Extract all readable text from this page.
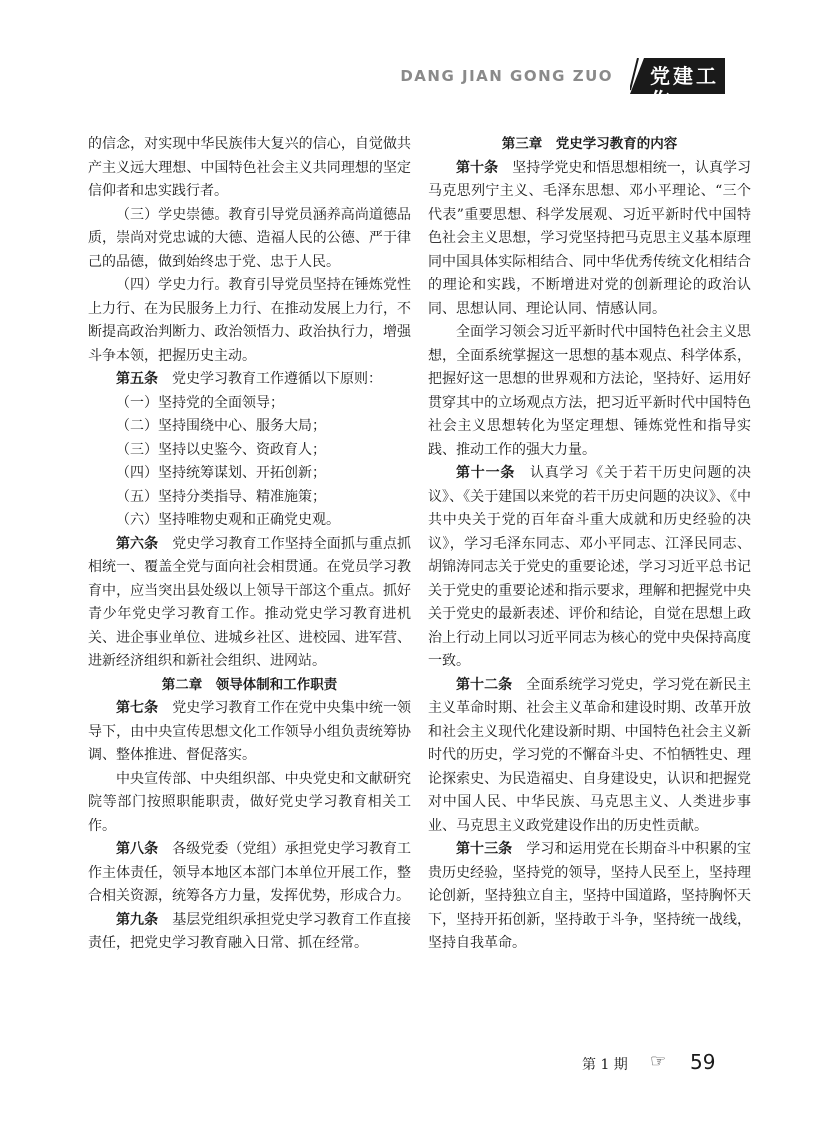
DANG JIAN GONG ZUO 党建工作

的信念，对实现中华民族伟大复兴的信心，自觉做共产主义远大理想、中国特色社会主义共同理想的坚定信仰者和忠实践行者。

（三）学史崇德。教育引导党员涵养高尚道德品质，崇尚对党忠诚的大德、造福人民的公德、严于律己的品德，做到始终忠于党、忠于人民。

（四）学史力行。教育引导党员坚持在锤炼党性上力行、在为民服务上力行、在推动发展上力行，不断提高政治判断力、政治领悟力、政治执行力，增强斗争本领，把握历史主动。

第五条　 党史学习教育工作遵循以下原则：

（一）坚持党的全面领导；

（二）坚持围绕中心、服务大局；

（三）坚持以史鉴今、资政育人；

（四）坚持统筹谋划、开拓创新；

（五）坚持分类指导、精准施策；

（六）坚持唯物史观和正确党史观。

第六条　 党史学习教育工作坚持全面抓与重点抓相统一、覆盖全党与面向社会相贯通。在党员学习教育中，应当突出县处级以上领导干部这个重点。抓好青少年党史学习教育工作。推动党史学习教育进机关、进企事业单位、进城乡社区、进校园、进军营、进新经济组织和新社会组织、进网站。

第二章　领导体制和工作职责

第七条　 党史学习教育工作在党中央集中统一领导下，由中央宣传思想文化工作领导小组负责统筹协调、整体推进、督促落实。

中央宣传部、中央组织部、中央党史和文献研究院等部门按照职能职责，做好党史学习教育相关工作。

第八条　 各级党委（党组）承担党史学习教育工作主体责任，领导本地区本部门本单位开展工作，整合相关资源，统筹各方力量，发挥优势，形成合力。

第九条　 基层党组织承担党史学习教育工作直接责任，把党史学习教育融入日常、抓在经常。

第三章　党史学习教育的内容

第十条　 坚持学党史和悟思想相统一，认真学习马克思列宁主义、毛泽东思想、邓小平理论、“三个代表”重要思想、科学发展观、习近平新时代中国特色社会主义思想，学习党坚持把马克思主义基本原理同中国具体实际相结合、同中华优秀传统文化相结合的理论和实践，不断增进对党的创新理论的政治认同、思想认同、理论认同、情感认同。

全面学习领会习近平新时代中国特色社会主义思想，全面系统掌握这一思想的基本观点、科学体系，把握好这一思想的世界观和方法论，坚持好、运用好贯穿其中的立场观点方法，把习近平新时代中国特色社会主义思想转化为坚定理想、锤炼党性和指导实践、推动工作的强大力量。

第十一条　 认真学习《关于若干历史问题的决议》、《关于建国以来党的若干历史问题的决议》、《中共中央关于党的百年奋斗重大成就和历史经验的决议》，学习毛泽东同志、邓小平同志、江泽民同志、胡锦涛同志关于党史的重要论述，学习习近平总书记关于党史的重要论述和指示要求，理解和把握党中央关于党史的最新表述、评价和结论，自觉在思想上政治上行动上同以习近平同志为核心的党中央保持高度一致。

第十二条　 全面系统学习党史，学习党在新民主主义革命时期、社会主义革命和建设时期、改革开放和社会主义现代化建设新时期、中国特色社会主义新时代的历史，学习党的不懈奋斗史、不怕牺牲史、理论探索史、为民造福史、自身建设史，认识和把握党对中国人民、中华民族、马克思主义、人类进步事业、马克思主义政党建设作出的历史性贡献。

第十三条　 学习和运用党在长期奋斗中积累的宝贵历史经验，坚持党的领导，坚持人民至上，坚持理论创新，坚持独立自主，坚持中国道路，坚持胸怀天下，坚持开拓创新，坚持敢于斗争，坚持统一战线，坚持自我革命。

第 1 期 ☞ 59
